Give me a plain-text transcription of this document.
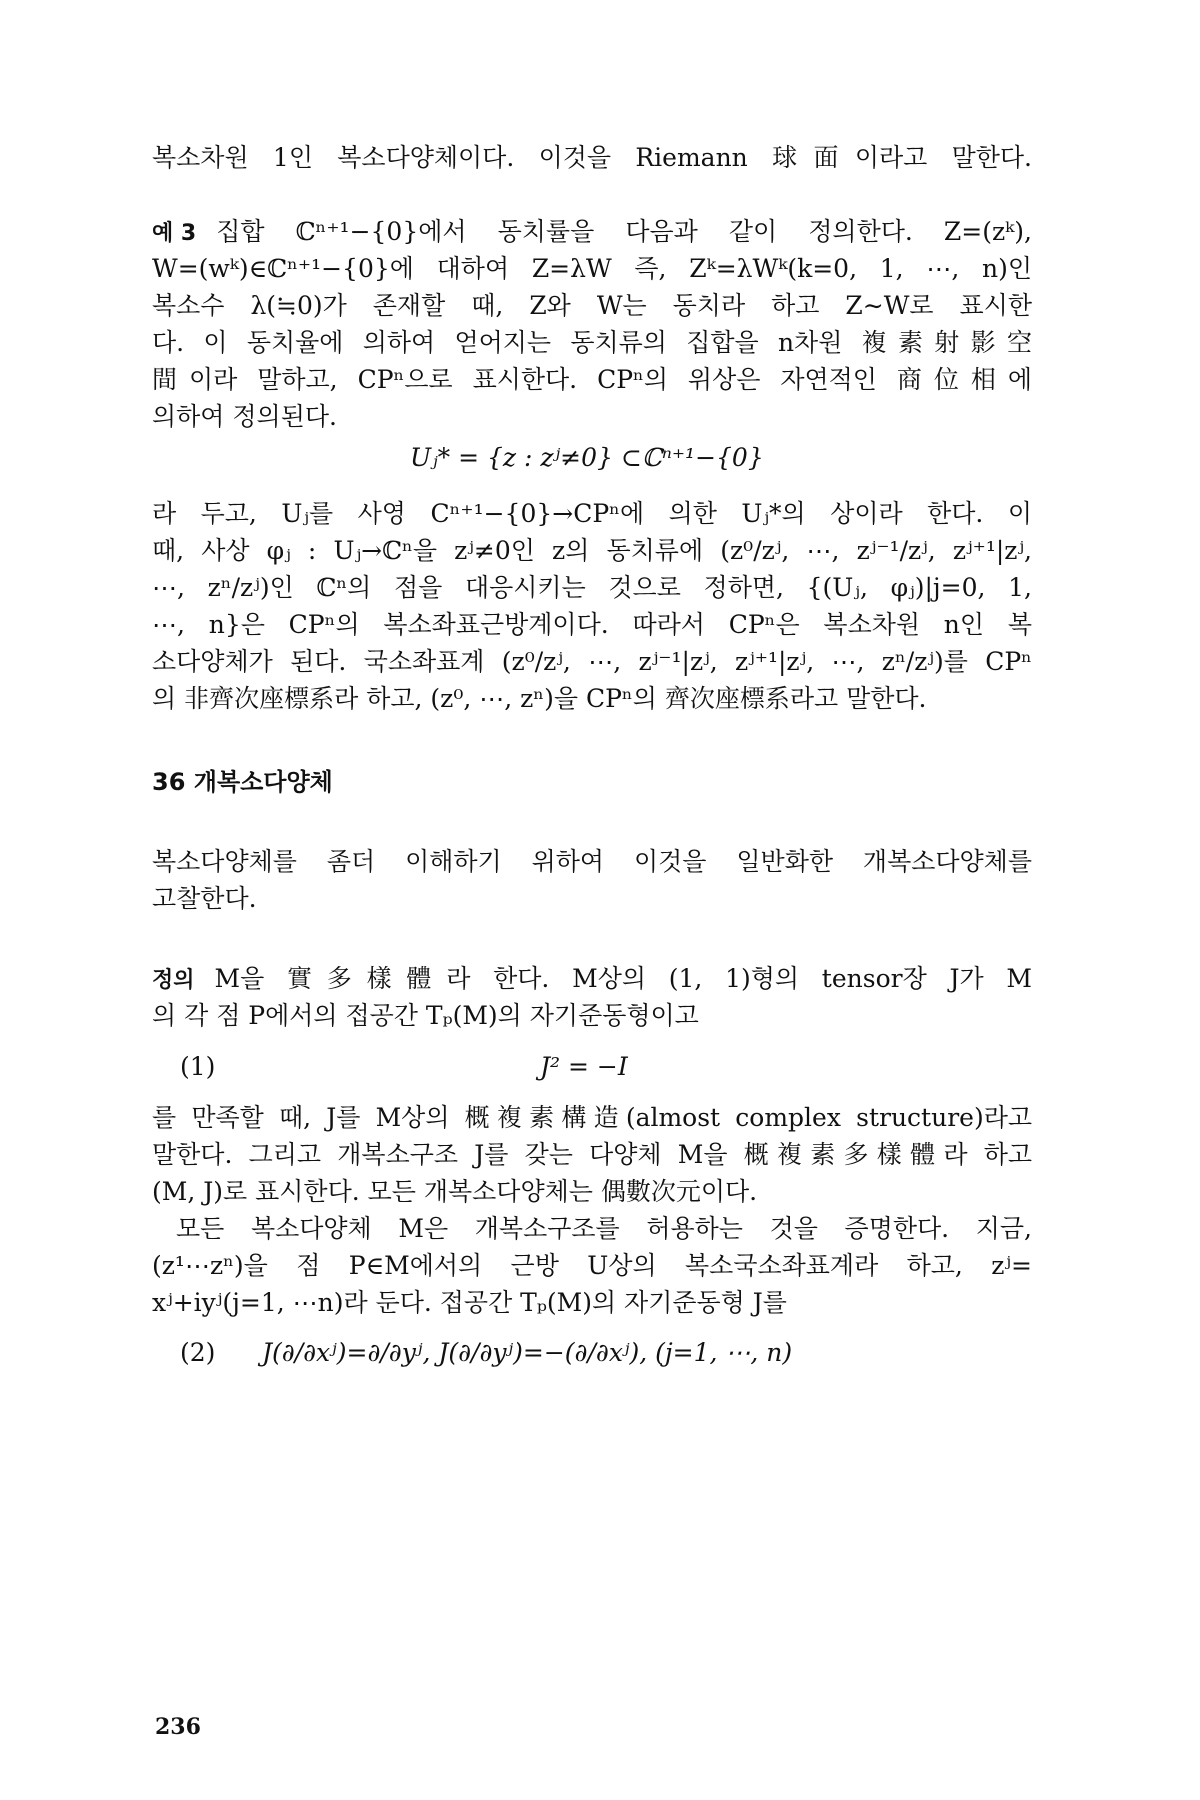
복소차원 1인 복소다양체이다. 이것을 Riemann 球面이라고 말한다.

예 3 집합 ℂⁿ⁺¹−{0}에서 동치률을 다음과 같이 정의한다. Z=(zᵏ),

W=(wᵏ)∈ℂⁿ⁺¹−{0}에 대하여 Z=λW 즉, Zᵏ=λWᵏ(k=0, 1, ⋯, n)인

복소수 λ(≒0)가 존재할 때, Z와 W는 동치라 하고 Z∼W로 표시한

다. 이 동치율에 의하여 얻어지는 동치류의 집합을 n차원 複素射影空

間이라 말하고, CPⁿ으로 표시한다. CPⁿ의 위상은 자연적인 商位相에

의하여 정의된다.

Uⱼ* = {z : zʲ≠0} ⊂ℂⁿ⁺¹−{0}

라 두고, Uⱼ를 사영 Cⁿ⁺¹−{0}→CPⁿ에 의한 Uⱼ*의 상이라 한다. 이

때, 사상 φⱼ : Uⱼ→ℂⁿ을 zʲ≠0인 z의 동치류에 (z⁰/zʲ, ⋯, zʲ⁻¹/zʲ, zʲ⁺¹|zʲ,

⋯, zⁿ/zʲ)인 ℂⁿ의 점을 대응시키는 것으로 정하면, {(Uⱼ, φⱼ)|j=0, 1,

⋯, n}은 CPⁿ의 복소좌표근방계이다. 따라서 CPⁿ은 복소차원 n인 복

소다양체가 된다. 국소좌표계 (z⁰/zʲ, ⋯, zʲ⁻¹|zʲ, zʲ⁺¹|zʲ, ⋯, zⁿ/zʲ)를 CPⁿ

의 非齊次座標系라 하고, (z⁰, ⋯, zⁿ)을 CPⁿ의 齊次座標系라고 말한다.

36 개복소다양체

복소다양체를 좀더 이해하기 위하여 이것을 일반화한 개복소다양체를

고찰한다.

정의 M을 實多樣體라 한다. M상의 (1, 1)형의 tensor장 J가 M

의 각 점 P에서의 접공간 Tₚ(M)의 자기준동형이고

(1)	J² = −I

를 만족할 때, J를 M상의 概複素構造(almost complex structure)라고

말한다. 그리고 개복소구조 J를 갖는 다양체 M을 概複素多樣體라 하고

(M, J)로 표시한다. 모든 개복소다양체는 偶數次元이다.

모든 복소다양체 M은 개복소구조를 허용하는 것을 증명한다. 지금,

(z¹⋯zⁿ)을 점 P∈M에서의 근방 U상의 복소국소좌표계라 하고, zʲ=

xʲ+iyʲ(j=1, ⋯n)라 둔다. 접공간 Tₚ(M)의 자기준동형 J를

(2) J(∂/∂xʲ)=∂/∂yʲ, J(∂/∂yʲ)=−(∂/∂xʲ), (j=1, ⋯, n)
236
